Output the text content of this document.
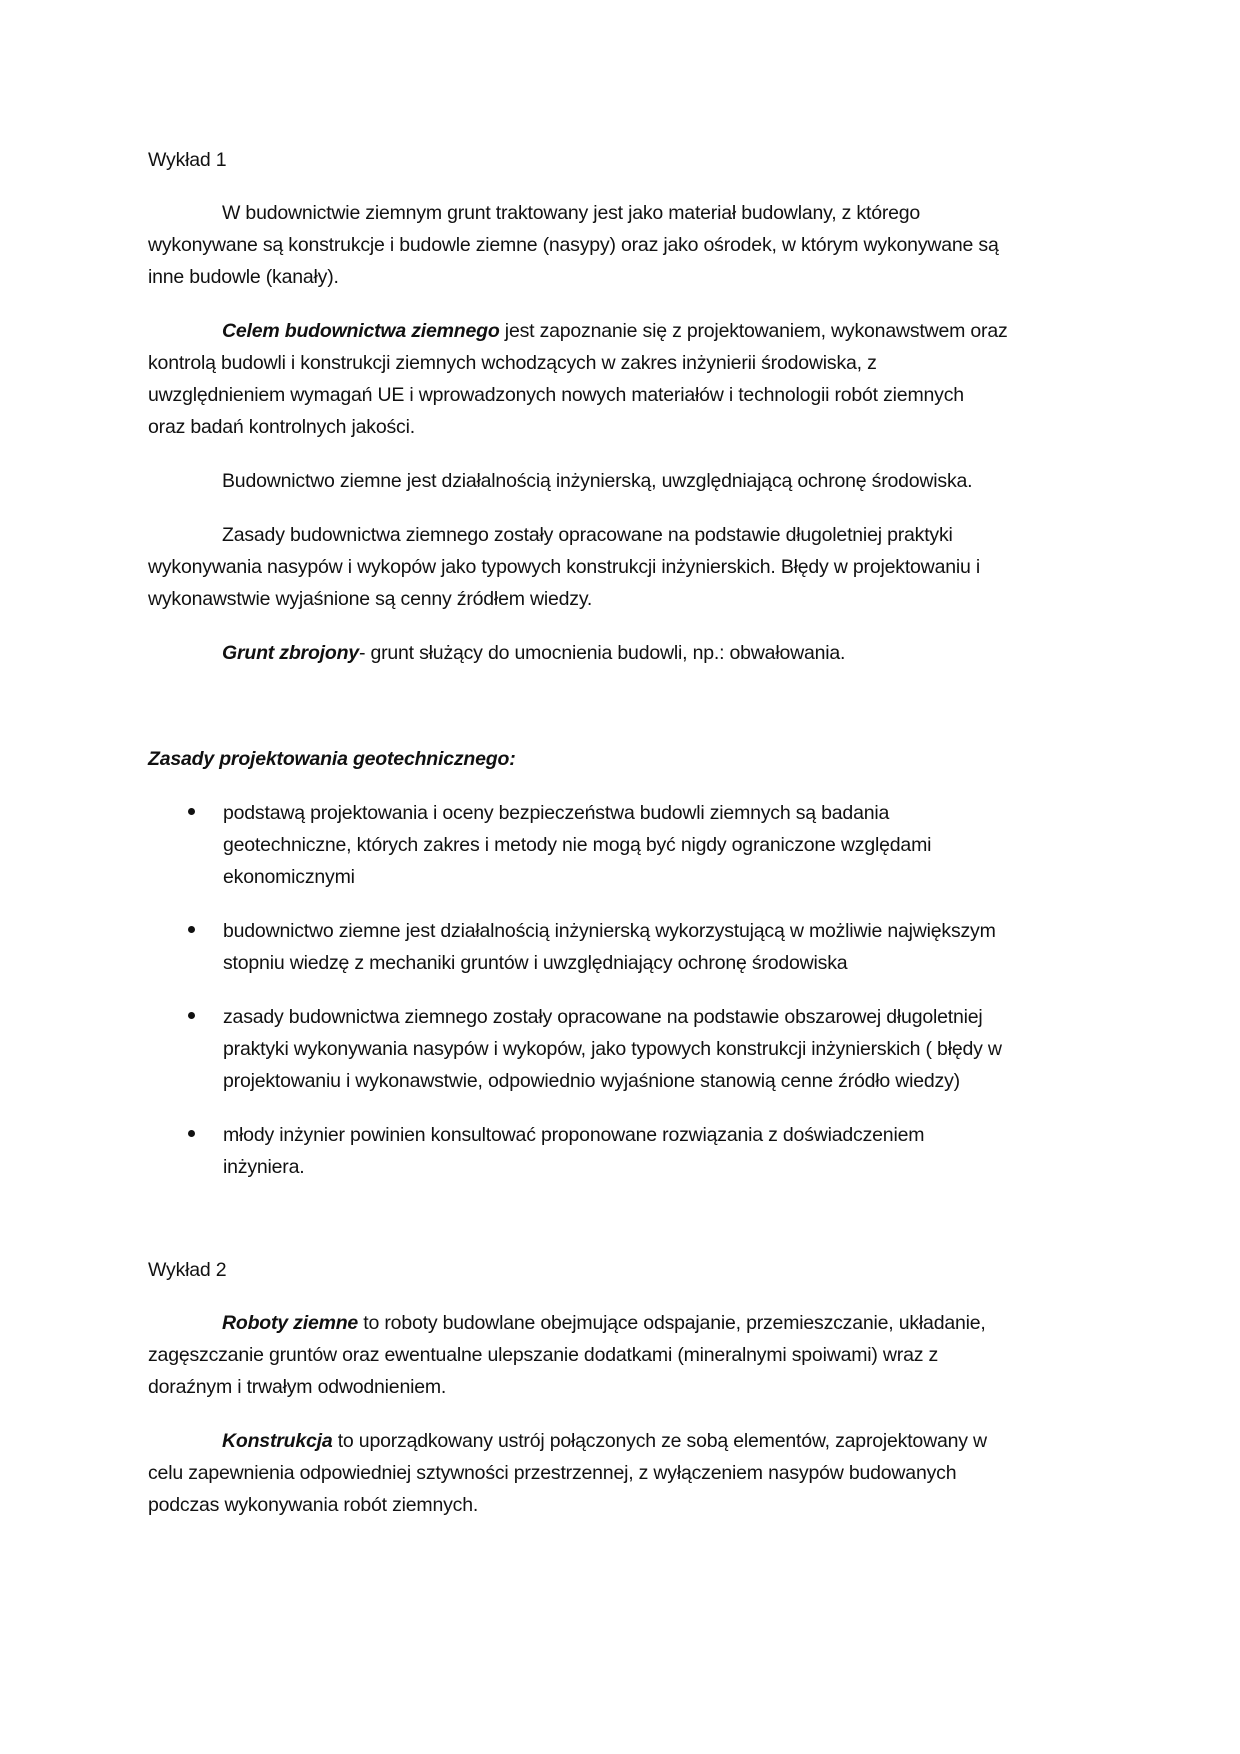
Wykład 1
W budownictwie ziemnym grunt traktowany jest jako materiał budowlany, z którego
wykonywane są konstrukcje i budowle ziemne (nasypy) oraz jako ośrodek, w którym wykonywane są
inne budowle (kanały).
Celem budownictwa ziemnego jest zapoznanie się z projektowaniem, wykonawstwem oraz
kontrolą budowli i konstrukcji ziemnych wchodzących w zakres inżynierii środowiska, z
uwzględnieniem wymagań UE i wprowadzonych nowych materiałów i technologii robót ziemnych
oraz badań kontrolnych jakości.
Budownictwo ziemne jest działalnością inżynierską, uwzględniającą ochronę środowiska.
Zasady budownictwa ziemnego zostały opracowane na podstawie długoletniej praktyki
wykonywania nasypów i wykopów jako typowych konstrukcji inżynierskich. Błędy w projektowaniu i
wykonawstwie wyjaśnione są cenny źródłem wiedzy.
Grunt zbrojony- grunt służący do umocnienia budowli, np.: obwałowania.
Zasady projektowania geotechnicznego:
podstawą projektowania i oceny bezpieczeństwa budowli ziemnych są badania
geotechniczne, których zakres i metody nie mogą być nigdy ograniczone względami
ekonomicznymi
budownictwo ziemne jest działalnością inżynierską wykorzystującą w możliwie największym
stopniu wiedzę z mechaniki gruntów i uwzględniający ochronę środowiska
zasady budownictwa ziemnego zostały opracowane na podstawie obszarowej długoletniej
praktyki wykonywania nasypów i wykopów, jako typowych konstrukcji inżynierskich ( błędy w
projektowaniu i wykonawstwie, odpowiednio wyjaśnione stanowią cenne źródło wiedzy)
młody inżynier powinien konsultować proponowane rozwiązania z doświadczeniem
inżyniera.
Wykład 2
Roboty ziemne to roboty budowlane obejmujące odspajanie, przemieszczanie, układanie,
zagęszczanie gruntów oraz ewentualne ulepszanie dodatkami (mineralnymi spoiwami) wraz z
doraźnym i trwałym odwodnieniem.
Konstrukcja to uporządkowany ustrój połączonych ze sobą elementów, zaprojektowany w
celu zapewnienia odpowiedniej sztywności przestrzennej, z wyłączeniem nasypów budowanych
podczas wykonywania robót ziemnych.
